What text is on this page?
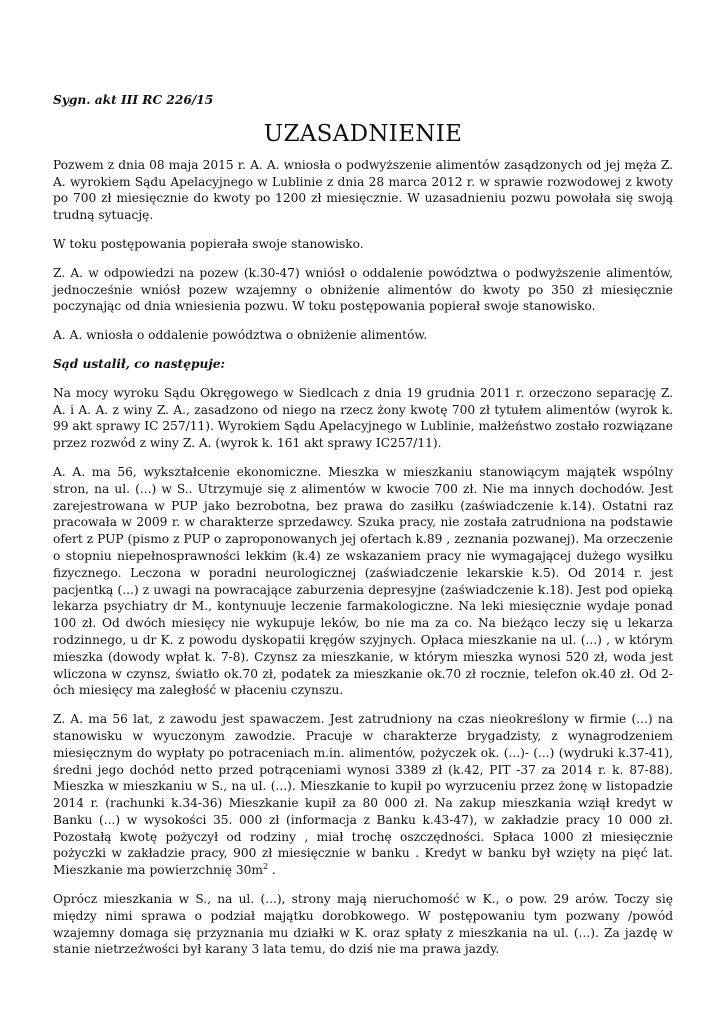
Sygn. akt III RC 226/15
UZASADNIENIE

Pozwem z dnia 08 maja 2015 r. A. A. wniosła o podwyższenie alimentów zasądzonych od jej męża Z. A. wyrokiem Sądu Apelacyjnego w Lublinie z dnia 28 marca 2012 r. w sprawie rozwodowej z kwoty po 700 zł miesięcznie do kwoty po 1200 zł miesięcznie. W uzasadnieniu pozwu powołała się swoją trudną sytuację.

W toku postępowania popierała swoje stanowisko.

Z. A. w odpowiedzi na pozew (k.30-47) wniósł o oddalenie powództwa o podwyższenie alimentów, jednocześnie wniósł pozew wzajemny o obniżenie alimentów do kwoty po 350 zł miesięcznie poczynając od dnia wniesienia pozwu. W toku postępowania popierał swoje stanowisko.

A. A. wniosła o oddalenie powództwa o obniżenie alimentów.

Sąd ustalił, co następuje:

Na mocy wyroku Sądu Okręgowego w Siedlcach z dnia 19 grudnia 2011 r. orzeczono separację Z. A. i A. A. z winy Z. A., zasadzono od niego na rzecz żony kwotę 700 zł tytułem alimentów (wyrok k. 99 akt sprawy IC 257/11). Wyrokiem Sądu Apelacyjnego w Lublinie, małżeństwo zostało rozwiązane przez rozwód z winy Z. A. (wyrok k. 161 akt sprawy IC257/11).

A. A. ma 56, wykształcenie ekonomiczne. Mieszka w mieszkaniu stanowiącym majątek wspólny stron, na ul. (...) w S.. Utrzymuje się z alimentów w kwocie 700 zł. Nie ma innych dochodów. Jest zarejestrowana w PUP jako bezrobotna, bez prawa do zasiłku (zaświadczenie k.14). Ostatni raz pracowała w 2009 r. w charakterze sprzedawcy. Szuka pracy, nie została zatrudniona na podstawie ofert z PUP (pismo z PUP o zaproponowanych jej ofertach k.89 , zeznania pozwanej). Ma orzeczenie o stopniu niepełnosprawności lekkim (k.4) ze wskazaniem pracy nie wymagającej dużego wysiłku fizycznego. Leczona w poradni neurologicznej (zaświadczenie lekarskie k.5). Od 2014 r. jest pacjentką (...) z uwagi na powracające zaburzenia depresyjne (zaświadczenie k.18). Jest pod opieką lekarza psychiatry dr M., kontynuuje leczenie farmakologiczne. Na leki miesięcznie wydaje ponad 100 zł. Od dwóch miesięcy nie wykupuje leków, bo nie ma za co. Na bieżąco leczy się u lekarza rodzinnego, u dr K. z powodu dyskopatii kręgów szyjnych. Opłaca mieszkanie na ul. (...) , w którym mieszka (dowody wpłat k. 7-8). Czynsz za mieszkanie, w którym mieszka wynosi 520 zł, woda jest wliczona w czynsz, światło ok.70 zł, podatek za mieszkanie ok.70 zł rocznie, telefon ok.40 zł. Od 2-óch miesięcy ma zaległość w płaceniu czynszu.

Z. A. ma 56 lat, z zawodu jest spawaczem. Jest zatrudniony na czas nieokreślony w firmie (...) na stanowisku w wyuczonym zawodzie. Pracuje w charakterze brygadzisty, z wynagrodzeniem miesięcznym do wypłaty po potraceniach m.in. alimentów, pożyczek ok. (...)- (...) (wydruki k.37-41), średni jego dochód netto przed potrąceniami wynosi 3389 zł (k.42, PIT -37 za 2014 r. k. 87-88). Mieszka w mieszkaniu w S., na ul. (...). Mieszkanie to kupił po wyrzuceniu przez żonę w listopadzie 2014 r. (rachunki k.34-36) Mieszkanie kupił za 80 000 zł. Na zakup mieszkania wziął kredyt w Banku (...) w wysokości 35. 000 zł (informacja z Banku k.43-47), w zakładzie pracy 10 000 zł. Pozostałą kwotę pożyczył od rodziny , miał trochę oszczędności. Spłaca 1000 zł miesięcznie pożyczki w zakładzie pracy, 900 zł miesięcznie w banku . Kredyt w banku był wzięty na pięć lat. Mieszkanie ma powierzchnię $30m^2$ .

Oprócz mieszkania w S., na ul. (...), strony mają nieruchomość w K., o pow. 29 arów. Toczy się między nimi sprawa o podział majątku dorobkowego. W postępowaniu tym pozwany /powód wzajemny domaga się przyznania mu działki w K. oraz spłaty z mieszkania na ul. (...). Za jazdę w stanie nietrzeźwości był karany 3 lata temu, do dziś nie ma prawa jazdy.
